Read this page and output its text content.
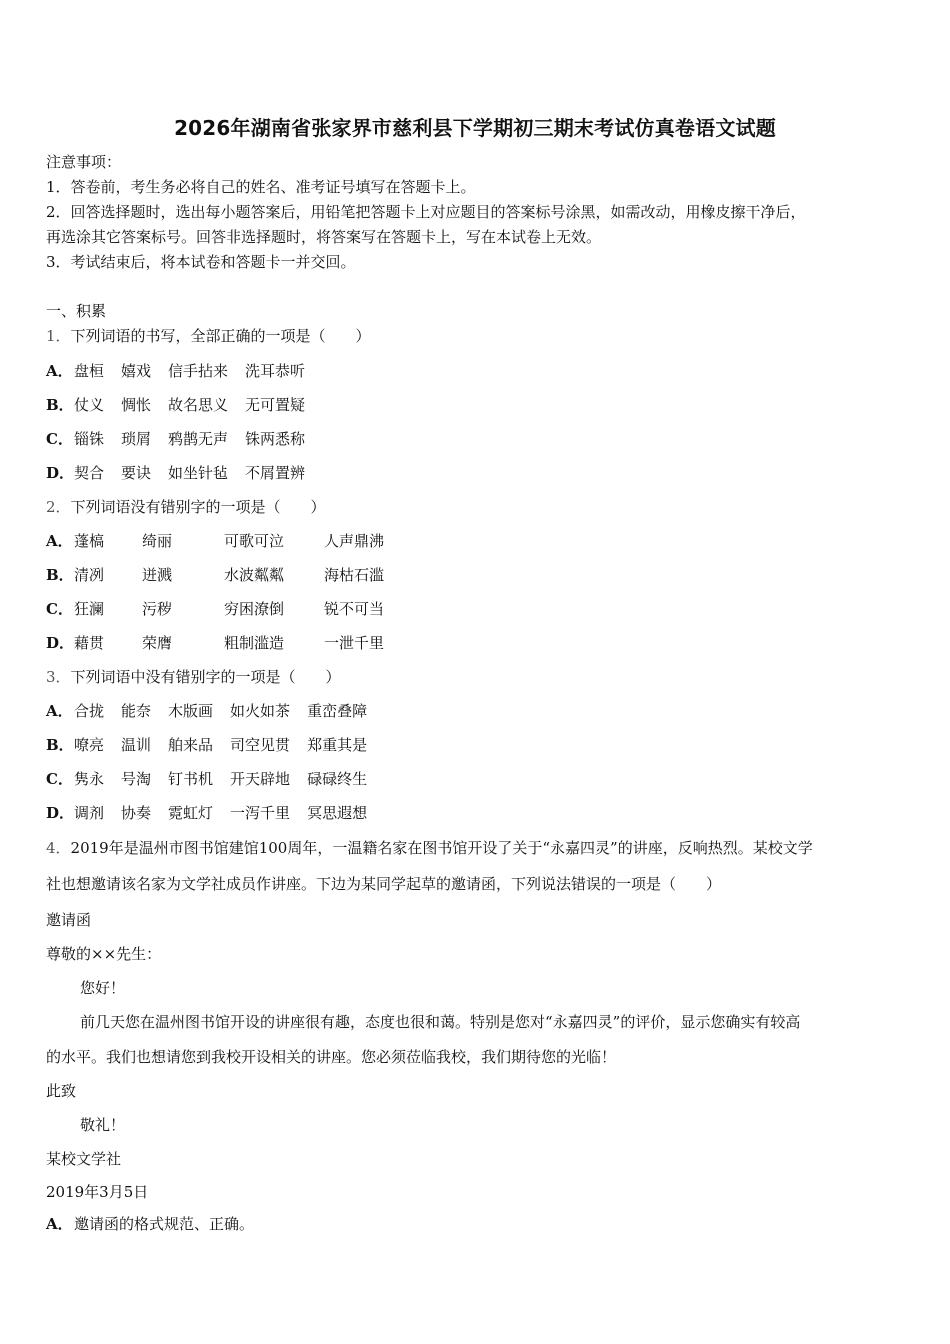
2026年湖南省张家界市慈利县下学期初三期末考试仿真卷语文试题
注意事项：
1．答卷前，考生务必将自己的姓名、准考证号填写在答题卡上。
2．回答选择题时，选出每小题答案后，用铅笔把答题卡上对应题目的答案标号涂黑，如需改动，用橡皮擦干净后，
再选涂其它答案标号。回答非选择题时，将答案写在答题卡上，写在本试卷上无效。
3．考试结束后，将本试卷和答题卡一并交回。
一、积累
1．下列词语的书写，全部正确的一项是（　　）
A．盘桓 嬉戏 信手拈来 洗耳恭听
B．仗义 惆怅 故名思义 无可置疑
C．锱铢 琐屑 鸦鹊无声 铢两悉称
D．契合 要诀 如坐针毡 不屑置辨
2．下列词语没有错别字的一项是（　　）
A．蓬槁	绮丽	可歌可泣	人声鼎沸
B．清冽	迸溅	水波粼粼	海枯石滥
C．狂澜	污秽	穷困潦倒	锐不可当
D．藉贯	荣膺	粗制滥造	一泄千里
3．下列词语中没有错别字的一项是（　　）
A．合拢 能奈 木版画 如火如茶 重峦叠障
B．嘹亮 温训 舶来品 司空见贯 郑重其是
C．隽永 号淘 钉书机 开天辟地 碌碌终生
D．调剂 协奏 霓虹灯 一泻千里 冥思遐想
4．2019年是温州市图书馆建馆100周年，一温籍名家在图书馆开设了关于“永嘉四灵”的讲座，反响热烈。某校文学
社也想邀请该名家为文学社成员作讲座。下边为某同学起草的邀请函，下列说法错误的一项是（　　）
邀请函
尊敬的××先生：
您好！
前几天您在温州图书馆开设的讲座很有趣，态度也很和蔼。特别是您对“永嘉四灵”的评价，显示您确实有较高
的水平。我们也想请您到我校开设相关的讲座。您必须莅临我校，我们期待您的光临！
此致
敬礼！
某校文学社
2019年3月5日
A．邀请函的格式规范、正确。
